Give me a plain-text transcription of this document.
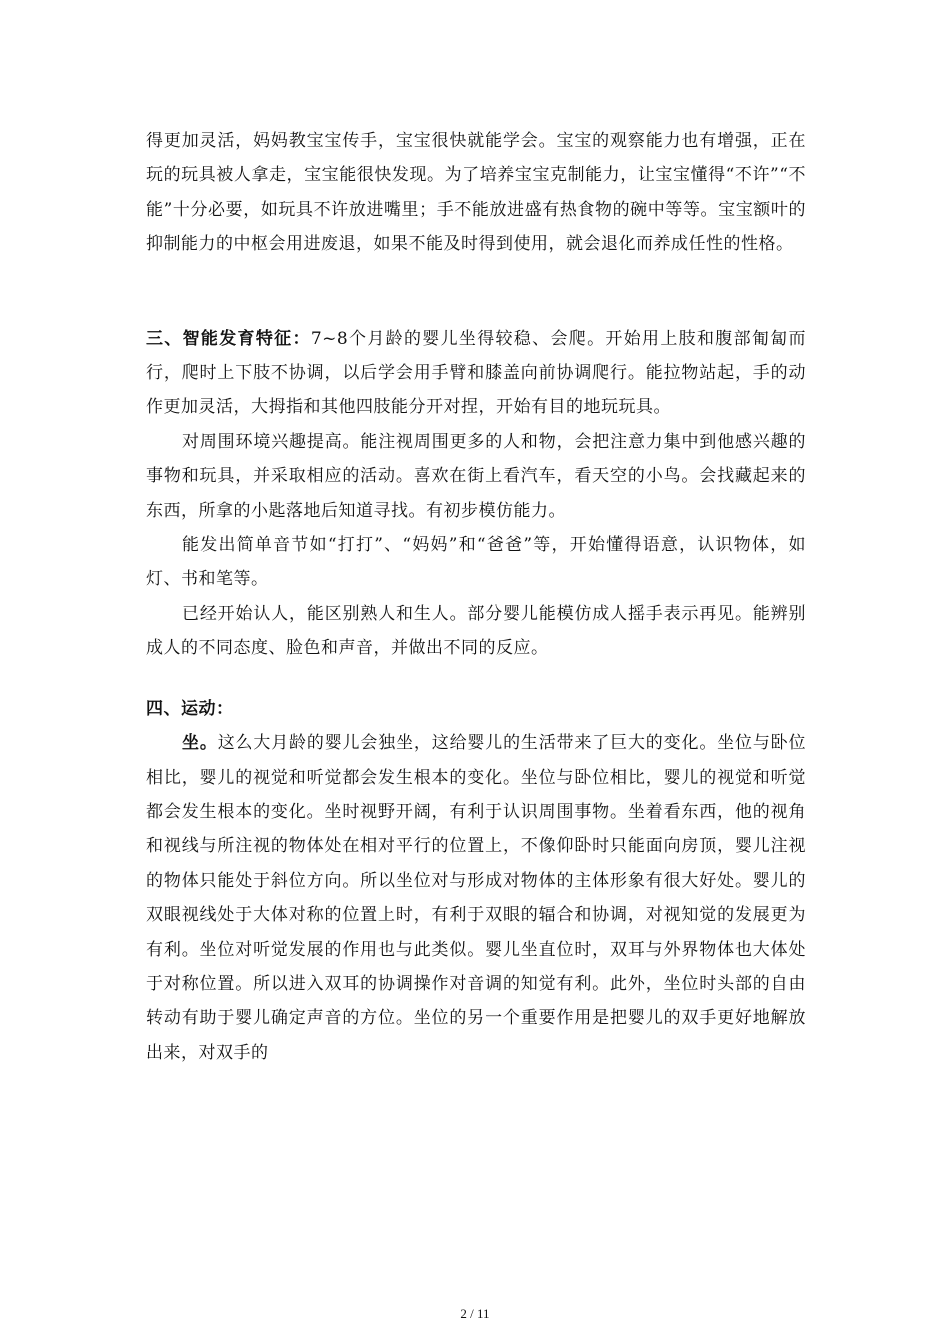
得更加灵活，妈妈教宝宝传手，宝宝很快就能学会。宝宝的观察能力也有增强，正在玩的玩具被人拿走，宝宝能很快发现。为了培养宝宝克制能力，让宝宝懂得“不许”“不能”十分必要，如玩具不许放进嘴里；手不能放进盛有热食物的碗中等等。宝宝额叶的抑制能力的中枢会用进废退，如果不能及时得到使用，就会退化而养成任性的性格。

三、智能发育特征：7~8个月龄的婴儿坐得较稳、会爬。开始用上肢和腹部匍匐而行，爬时上下肢不协调，以后学会用手臂和膝盖向前协调爬行。能拉物站起，手的动作更加灵活，大拇指和其他四肢能分开对捏，开始有目的地玩玩具。

对周围环境兴趣提高。能注视周围更多的人和物，会把注意力集中到他感兴趣的事物和玩具，并采取相应的活动。喜欢在街上看汽车，看天空的小鸟。会找藏起来的东西，所拿的小匙落地后知道寻找。有初步模仿能力。

能发出简单音节如“打打”、“妈妈”和“爸爸”等，开始懂得语意，认识物体，如灯、书和笔等。

已经开始认人，能区别熟人和生人。部分婴儿能模仿成人摇手表示再见。能辨别成人的不同态度、脸色和声音，并做出不同的反应。

四、运动：

坐。这么大月龄的婴儿会独坐，这给婴儿的生活带来了巨大的变化。坐位与卧位相比，婴儿的视觉和听觉都会发生根本的变化。坐位与卧位相比，婴儿的视觉和听觉都会发生根本的变化。坐时视野开阔，有利于认识周围事物。坐着看东西，他的视角和视线与所注视的物体处在相对平行的位置上，不像仰卧时只能面向房顶，婴儿注视的物体只能处于斜位方向。所以坐位对与形成对物体的主体形象有很大好处。婴儿的双眼视线处于大体对称的位置上时，有利于双眼的辐合和协调，对视知觉的发展更为有利。坐位对听觉发展的作用也与此类似。婴儿坐直位时，双耳与外界物体也大体处于对称位置。所以进入双耳的协调操作对音调的知觉有利。此外，坐位时头部的自由转动有助于婴儿确定声音的方位。坐位的另一个重要作用是把婴儿的双手更好地解放出来，对双手的

2 / 11
